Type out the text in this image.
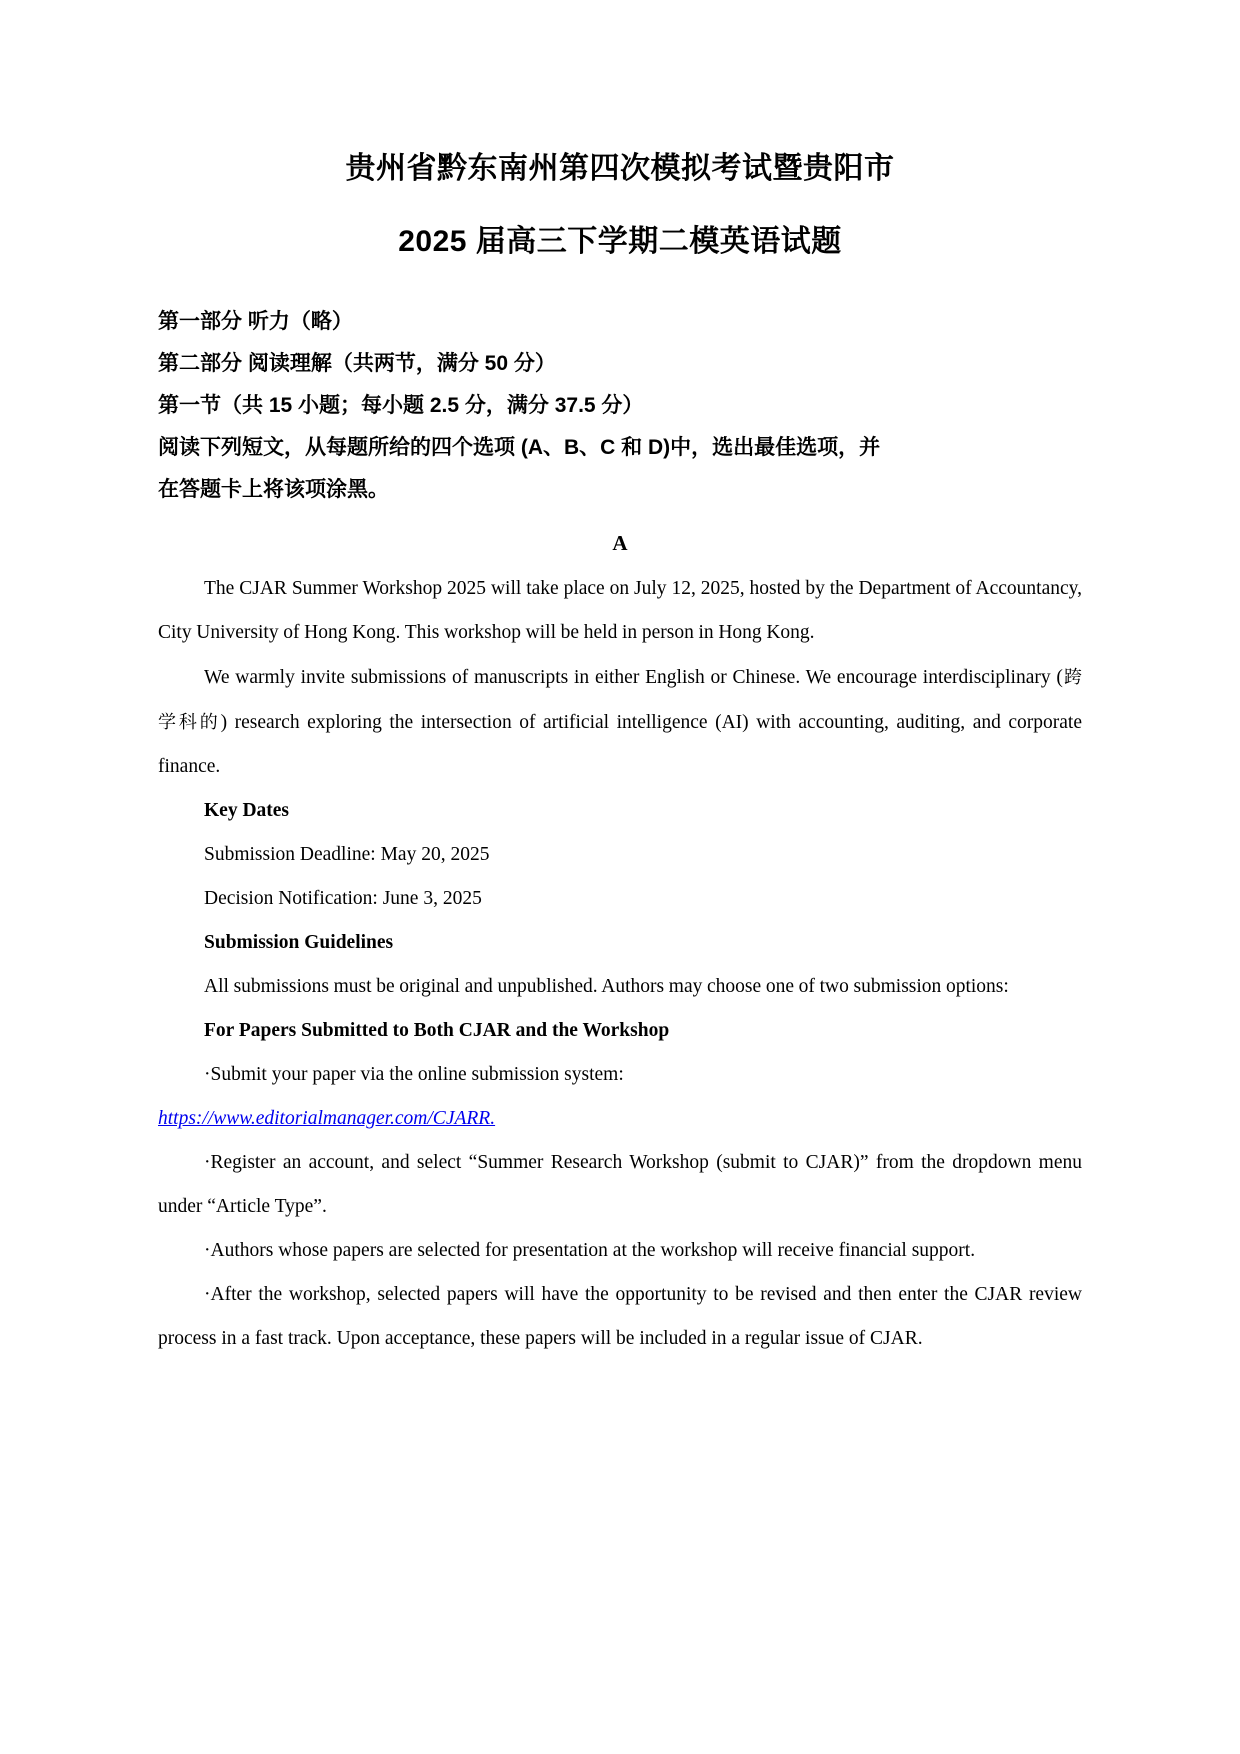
贵州省黔东南州第四次模拟考试暨贵阳市
2025 届高三下学期二模英语试题

第一部分 听力（略）

第二部分 阅读理解（共两节，满分 50 分）

第一节（共 15 小题；每小题 2.5 分，满分 37.5 分）

阅读下列短文，从每题所给的四个选项 (A、B、C 和 D)中，选出最佳选项，并

在答题卡上将该项涂黑。

A

The CJAR Summer Workshop 2025 will take place on July 12, 2025, hosted by the Department of Accountancy, City University of Hong Kong. This workshop will be held in person in Hong Kong.

We warmly invite submissions of manuscripts in either English or Chinese. We encourage interdisciplinary (跨学科的) research exploring the intersection of artificial intelligence (AI) with accounting, auditing, and corporate finance.

Key Dates

Submission Deadline: May 20, 2025

Decision Notification: June 3, 2025

Submission Guidelines

All submissions must be original and unpublished. Authors may choose one of two submission options:

For Papers Submitted to Both CJAR and the Workshop

·Submit your paper via the online submission system:

https://www.editorialmanager.com/CJARR.

·Register an account, and select “Summer Research Workshop (submit to CJAR)” from the dropdown menu under “Article Type”.

·Authors whose papers are selected for presentation at the workshop will receive financial support.

·After the workshop, selected papers will have the opportunity to be revised and then enter the CJAR review process in a fast track. Upon acceptance, these papers will be included in a regular issue of CJAR.
